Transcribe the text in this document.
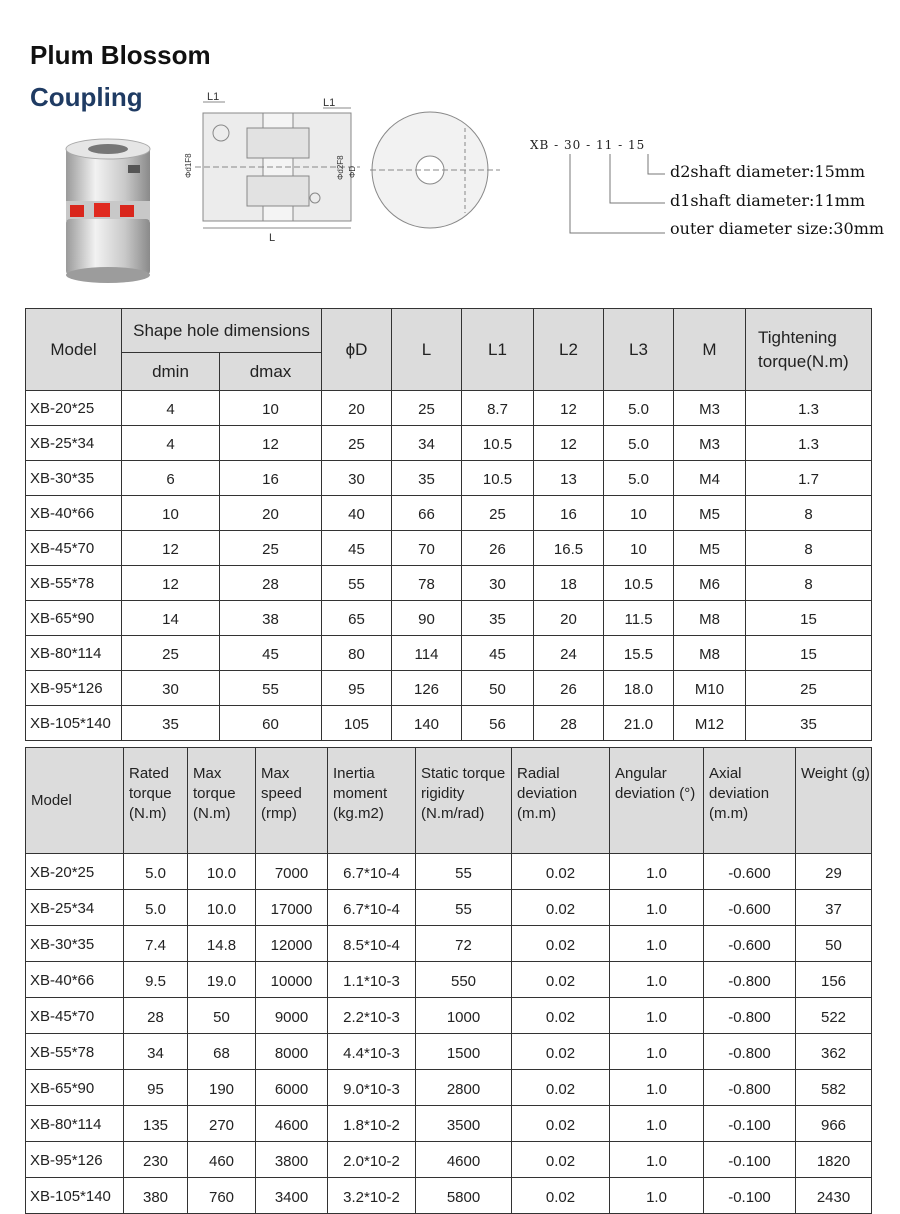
Plum Blossom
Coupling	L1	L1
L
Φd1F8	ΦD
Φd2F8
XB - 30 - 11 - 15
d2shaft diameter:15mm
d1shaft diameter:11mm
outer diameter size:30mm
Model	Shape hole dimensions		ϕD	L	L1	L2	L3	M	Tightening torque(N.m)
	dmin	dmax							
XB-20*25	4	10	20	25	8.7	12	5.0	M3	1.3
XB-25*34	4	12	25	34	10.5	12	5.0	M3	1.3
XB-30*35	6	16	30	35	10.5	13	5.0	M4	1.7
XB-40*66	10	20	40	66	25	16	10	M5	8
XB-45*70	12	25	45	70	26	16.5	10	M5	8
XB-55*78	12	28	55	78	30	18	10.5	M6	8
XB-65*90	14	38	65	90	35	20	11.5	M8	15
XB-80*114	25	45	80	114	45	24	15.5	M8	15
XB-95*126	30	55	95	126	50	26	18.0	M10	25
XB-105*140	35	60	105	140	56	28	21.0	M12	35
Model	Rated torque (N.m)	Max torque (N.m)	Max speed (rmp)	Inertia moment (kg.m2)	Static torque rigidity (N.m/rad)	Radial deviation (m.m)	Angular deviation (°)	Axial deviation (m.m)	Weight (g)
XB-20*25	5.0	10.0	7000	6.7*10-4	55	0.02	1.0	-0.600	29
XB-25*34	5.0	10.0	17000	6.7*10-4	55	0.02	1.0	-0.600	37
XB-30*35	7.4	14.8	12000	8.5*10-4	72	0.02	1.0	-0.600	50
XB-40*66	9.5	19.0	10000	1.1*10-3	550	0.02	1.0	-0.800	156
XB-45*70	28	50	9000	2.2*10-3	1000	0.02	1.0	-0.800	522
XB-55*78	34	68	8000	4.4*10-3	1500	0.02	1.0	-0.800	362
XB-65*90	95	190	6000	9.0*10-3	2800	0.02	1.0	-0.800	582
XB-80*114	135	270	4600	1.8*10-2	3500	0.02	1.0	-0.100	966
XB-95*126	230	460	3800	2.0*10-2	4600	0.02	1.0	-0.100	1820
XB-105*140	380	760	3400	3.2*10-2	5800	0.02	1.0	-0.100	2430
